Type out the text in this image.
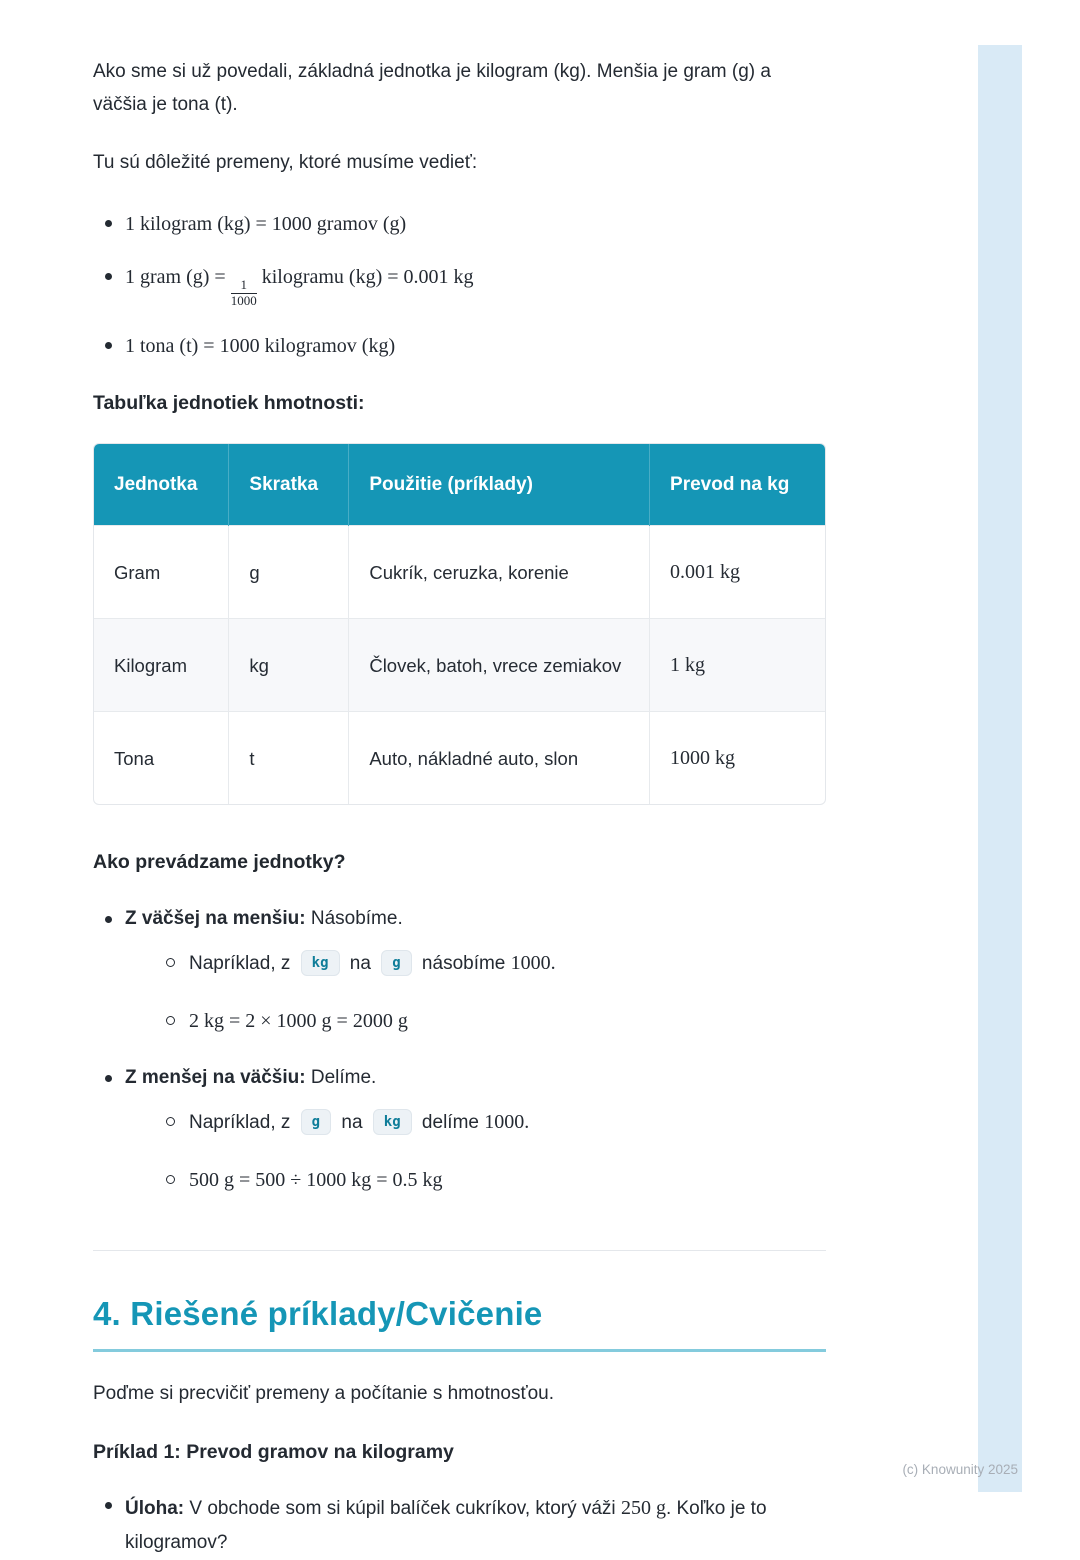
Ako sme si už povedali, základná jednotka je kilogram (kg). Menšia je gram (g) a väčšia je tona (t).

Tu sú dôležité premeny, ktoré musíme vedieť:

1 kilogram (kg) = 1000 gramov (g)
1 gram (g) =
$\frac{1}{1000}$
kilogramu (kg) = 0.001 kg
1 tona (t) = 1000 kilogramov (kg)
Tabuľka jednotiek hmotnosti:
Jednotka	Skratka	Použitie (príklady)	Prevod na kg
Gram	g	Cukrík, ceruzka, korenie	0.001 kg
Kilogram	kg	Človek, batoh, vrece zemiakov	1 kg
Tona	t	Auto, nákladné auto, slon	1000 kg
Ako prevádzame jednotky?
Z väčšej na menšiu: Násobíme.
Napríklad, z kg na g násobíme 1000.
2 kg = 2 × 1000 g = 2000 g
Z menšej na väčšiu: Delíme.
Napríklad, z g na kg delíme 1000.
500 g = 500 ÷ 1000 kg = 0.5 kg
4. Riešené príklady/Cvičenie

Poďme si precvičiť premeny a počítanie s hmotnosťou.

Príklad 1: Prevod gramov na kilogramy
Úloha: V obchode som si kúpil balíček cukríkov, ktorý váži 250 g. Koľko je to kilogramov?
(c) Knowunity 2025
